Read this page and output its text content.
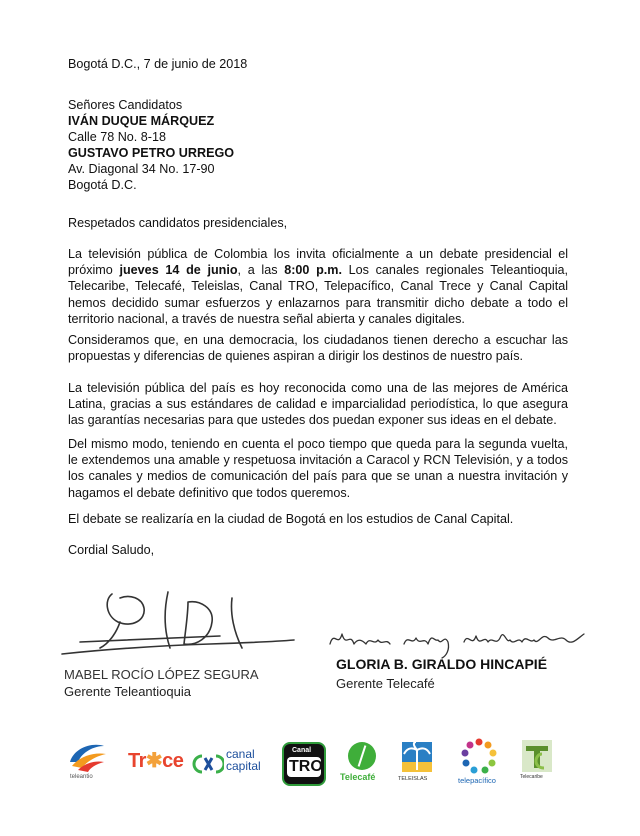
Bogotá D.C., 7 de junio de 2018
Señores Candidatos
IVÁN DUQUE MÁRQUEZ
Calle 78 No. 8-18
GUSTAVO PETRO URREGO
Av. Diagonal 34 No. 17-90
Bogotá D.C.
Respetados candidatos presidenciales,
La televisión pública de Colombia los invita oficialmente a un debate presidencial el próximo jueves 14 de junio, a las 8:00 p.m. Los canales regionales Teleantioquia, Telecaribe, Telecafé, Teleislas, Canal TRO, Telepacífico, Canal Trece y Canal Capital hemos decidido sumar esfuerzos y enlazarnos para transmitir dicho debate a todo el territorio nacional, a través de nuestra señal abierta y canales digitales.
Consideramos que, en una democracia, los ciudadanos tienen derecho a escuchar las propuestas y diferencias de quienes aspiran a dirigir los destinos de nuestro país.
La televisión pública del país es hoy reconocida como una de las mejores de América Latina, gracias a sus estándares de calidad e imparcialidad periodística, lo que asegura las garantías necesarias para que ustedes dos puedan exponer sus ideas en el debate.
Del mismo modo, teniendo en cuenta el poco tiempo que queda para la segunda vuelta, le extendemos una amable y respetuosa invitación a Caracol y RCN Televisión, y a todos los canales y medios de comunicación del país para que se unan a nuestra invitación y hagamos el debate definitivo que todos queremos.
El debate se realizaría en la ciudad de Bogotá en los estudios de Canal Capital.
Cordial Saludo,
MABEL ROCÍO LÓPEZ SEGURA
Gerente Teleantioquia
GLORIA B. GIRALDO HINCAPIÉ
Gerente Telecafé
teleantio
Tr✱ce	canal
capital
Canal
TRO
Telecafé	TELEISLAS	telepacífico	Telecaribe
